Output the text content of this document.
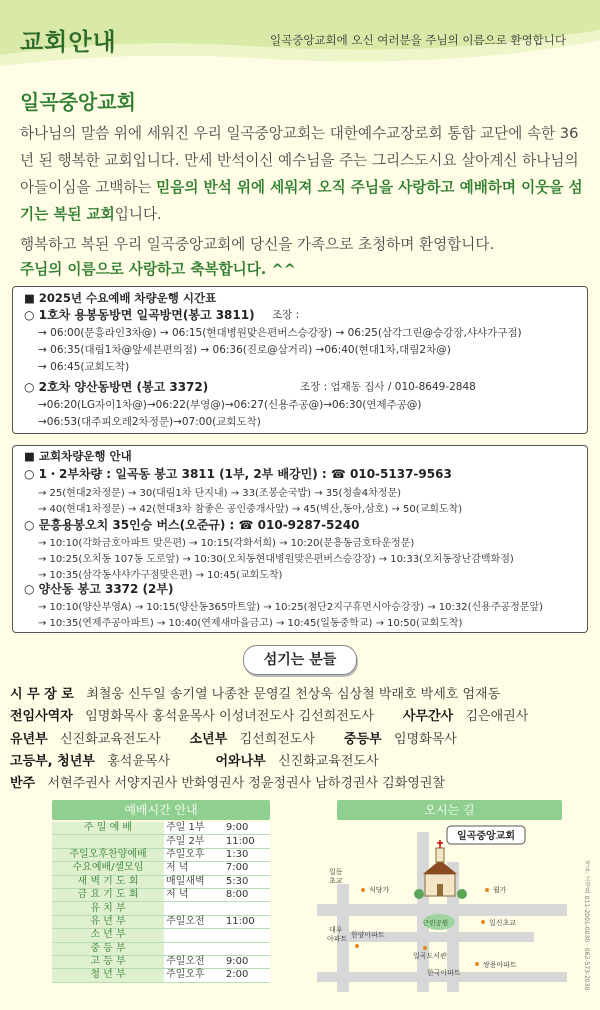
교회안내	일곡중앙교회에 오신 여러분을 주님의 이름으로 환영합니다
일곡중앙교회
하나님의 말씀 위에 세워진 우리 일곡중앙교회는 대한예수교장로회 통합 교단에 속한 36년 된 행복한 교회입니다. 만세 반석이신 예수님을 주는 그리스도시요 살아계신 하나님의 아들이심을 고백하는 믿음의 반석 위에 세워져 오직 주님을 사랑하고 예배하며 이웃을 섬기는 복된 교회입니다.
행복하고 복된 우리 일곡중앙교회에 당신을 가족으로 초청하며 환영합니다.
주님의 이름으로 사랑하고 축복합니다. ^^
■ 2025년 수요예배 차량운행 시간표
○ 1호차 용봉동방면 일곡방면(봉고 3811) 조장 :
→ 06:00(문흥라인3차@) → 06:15(현대병원맞은편버스승강장) → 06:25(삼각그린@승강장,샤샤가구점)
→ 06:35(대림1차@앞세븐편의점) → 06:36(진로@삼거리) →06:40(현대1차,대림2차@)
→ 06:45(교회도착)
○ 2호차 양산동방면 (봉고 3372)	조장 : 엄재동 집사 / 010-8649-2848
→06:20(LG자이1차@)→06:22(부영@)→06:27(신용주공@)→06:30(연제주공@)
→06:53(대주피오레2차정문)→07:00(교회도착)
■ 교회차량운행 안내
○ 1・2부차량 : 일곡동 봉고 3811 (1부, 2부 배강민) : ☎ 010-5137-9563
→ 25(현대2차정문) → 30(대림1차 단지내) → 33(조봉순국밥) → 35(청솔4차정문)
→ 40(현대1차정문) → 42(현대3차 참좋은 공인중개사앞) → 45(벽산,동아,삼호) → 50(교회도착)
○ 문흥용봉오치 35인승 버스(오준규) : ☎ 010-9287-5240
→ 10:10(각화금호아파트 맞은편) → 10:15(각화서희) → 10:20(문흥동금호타운정문)
→ 10:25(오치동 107동 도로앞) → 10:30(오치동현대병원맞은편버스승강장) → 10:33(오치동장난감백화점)
→ 10:35(삼각동샤샤가구점맞은편) → 10:45(교회도착)
○ 양산동 봉고 3372 (2부)
→ 10:10(양산부영A) → 10:15(양산동365마트앞) → 10:25(첨단2지구휴먼시아승강장) → 10:32(신용주공정문앞)
→ 10:35(연제주공아파트) → 10:40(연제새마을금고) → 10:45(일동중학교) → 10:50(교회도착)
섬기는 분들
시 무 장 로 최철웅 신두일 송기열 나종찬 문영길 천상욱 심상철 박래호 박세호 엄재동
전임사역자 임명화목사 홍석윤목사 이성녀전도사 김선희전도사 사무간사 김은애권사
유년부 신진화교육전도사 소년부 김선희전도사 중등부 임명화목사
고등부, 청년부 홍석윤목사	어와나부 신진화교육전도사
반주 서현주권사 서양지권사 반화영권사 정윤정권사 남하경권사 김화영권찰
예배시간 안내
주 일 예 배	주일 1부	9:00
	주일 2부	11:00
주일오후찬양예배	주일오후	1:30
수요예배/셀모임	저 녁	7:00
새 벽 기 도 회	매일새벽	5:30
금 요 기 도 회	저 녁	8:00
유 치 부		
유 년 부	주일오전	11:00
소 년 부		
중 등 부		
고 등 부	주일오전	9:00
청 년 부	주일오후	2:00
오시는 길
일곡중앙교회
일동 초교
식당가	월가
근린공원	일신초교
대우 아파트 한양아파트
일곡도서관
한국아파트
쌍용아파트	자료: 고경표 011-2001-0030 · 062-573-2030
